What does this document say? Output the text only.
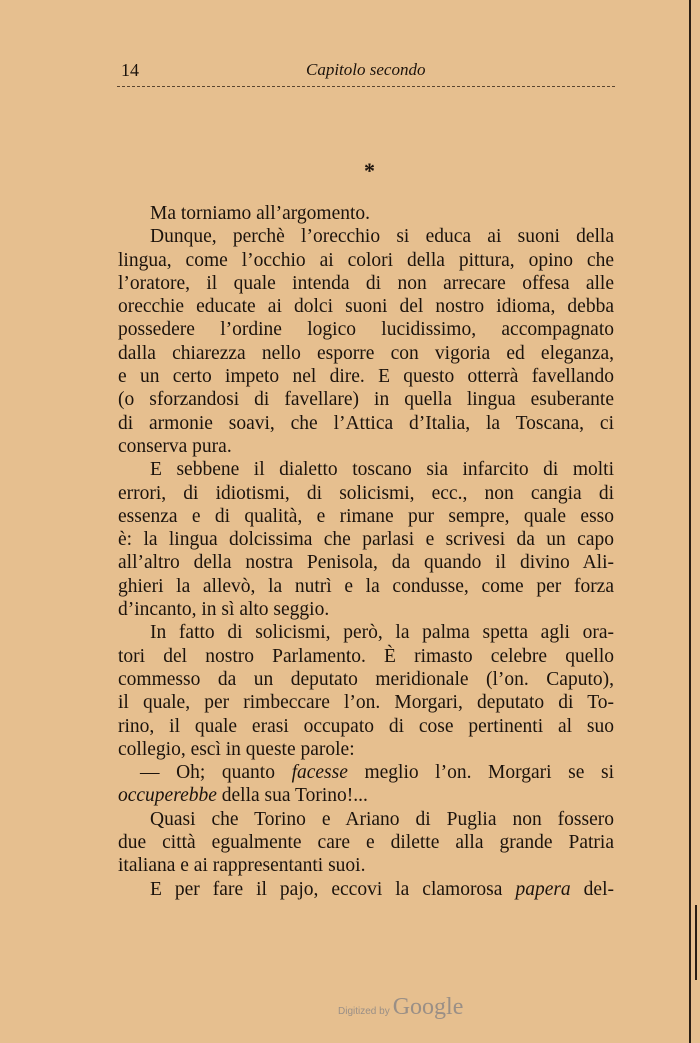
14	Capitolo secondo
*
Ma torniamo all’argomento.
Dunque, perchè l’orecchio si educa ai suoni della
lingua, come l’occhio ai colori della pittura, opino che
l’oratore, il quale intenda di non arrecare offesa alle
orecchie educate ai dolci suoni del nostro idioma, debba
possedere l’ordine logico lucidissimo, accompagnato
dalla chiarezza nello esporre con vigoria ed eleganza,
e un certo impeto nel dire. E questo otterrà favellando
(o sforzandosi di favellare) in quella lingua esuberante
di armonie soavi, che l’Attica d’Italia, la Toscana, ci
conserva pura.
E sebbene il dialetto toscano sia infarcito di molti
errori, di idiotismi, di solicismi, ecc., non cangia di
essenza e di qualità, e rimane pur sempre, quale esso
è: la lingua dolcissima che parlasi e scrivesi da un capo
all’altro della nostra Penisola, da quando il divino Ali-
ghieri la allevò, la nutrì e la condusse, come per forza
d’incanto, in sì alto seggio.
In fatto di solicismi, però, la palma spetta agli ora-
tori del nostro Parlamento. È rimasto celebre quello
commesso da un deputato meridionale (l’on. Caputo),
il quale, per rimbeccare l’on. Morgari, deputato di To-
rino, il quale erasi occupato di cose pertinenti al suo
collegio, escì in queste parole:
— Oh; quanto facesse meglio l’on. Morgari se si
occuperebbe della sua Torino!...
Quasi che Torino e Ariano di Puglia non fossero
due città egualmente care e dilette alla grande Patria
italiana e ai rappresentanti suoi.
E per fare il pajo, eccovi la clamorosa papera del-
Digitized by Google
